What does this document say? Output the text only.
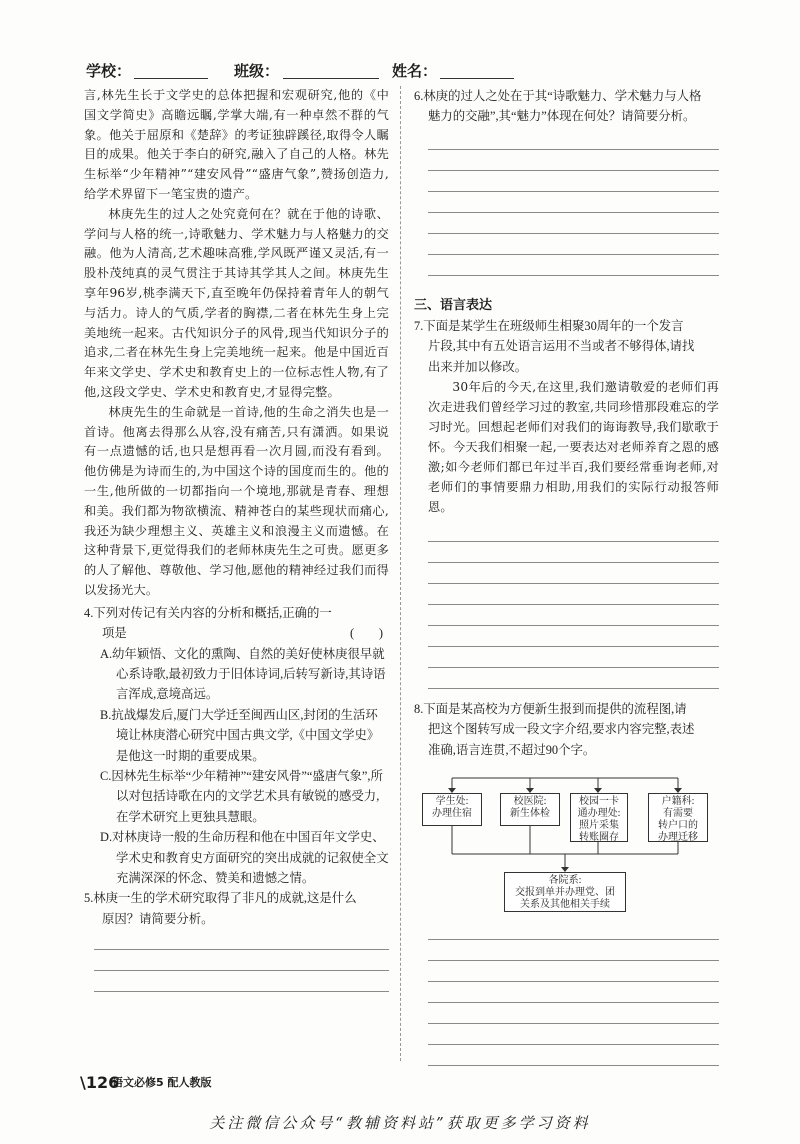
学校：	班级：	姓名：

言,林先生长于文学史的总体把握和宏观研究,他的《中国文学简史》高瞻远瞩,学掌大端,有一种卓然不群的气象。他关于屈原和《楚辞》的考证独辟蹊径,取得令人瞩目的成果。他关于李白的研究,融入了自己的人格。林先生标举“少年精神”“建安风骨”“盛唐气象”,赞扬创造力,给学术界留下一笔宝贵的遗产。

林庚先生的过人之处究竟何在？就在于他的诗歌、学问与人格的统一,诗歌魅力、学术魅力与人格魅力的交融。他为人清高,艺术趣味高雅,学风既严谨又灵活,有一股朴茂纯真的灵气贯注于其诗其学其人之间。林庚先生享年96岁,桃李满天下,直至晚年仍保持着青年人的朝气与活力。诗人的气质,学者的胸襟,二者在林先生身上完美地统一起来。古代知识分子的风骨,现当代知识分子的追求,二者在林先生身上完美地统一起来。他是中国近百年来文学史、学术史和教育史上的一位标志性人物,有了他,这段文学史、学术史和教育史,才显得完整。

林庚先生的生命就是一首诗,他的生命之消失也是一首诗。他离去得那么从容,没有痛苦,只有潇洒。如果说有一点遗憾的话,也只是想再看一次月圆,而没有看到。他仿佛是为诗而生的,为中国这个诗的国度而生的。他的一生,他所做的一切都指向一个境地,那就是青春、理想和美。我们都为物欲横流、精神苍白的某些现状而痛心,我还为缺少理想主义、英雄主义和浪漫主义而遗憾。在这种背景下,更觉得我们的老师林庚先生之可贵。愿更多的人了解他、尊敬他、学习他,愿他的精神经过我们而得以发扬光大。

4.下列对传记有关内容的分析和概括,正确的一

项是	(　　)

A.幼年颖悟、文化的熏陶、自然的美好使林庚很早就心系诗歌,最初致力于旧体诗词,后转写新诗,其诗语言浑成,意境高远。

B.抗战爆发后,厦门大学迁至闽西山区,封闭的生活环境让林庚潜心研究中国古典文学,《中国文学史》是他这一时期的重要成果。

C.因林先生标举“少年精神”“建安风骨”“盛唐气象”,所以对包括诗歌在内的文学艺术具有敏锐的感受力,在学术研究上更独具慧眼。

D.对林庚诗一般的生命历程和他在中国百年文学史、学术史和教育史方面研究的突出成就的记叙使全文充满深深的怀念、赞美和遗憾之情。

5.林庚一生的学术研究取得了非凡的成就,这是什么

原因？请简要分析。

6.林庚的过人之处在于其“诗歌魅力、学术魅力与人格

魅力的交融”,其“魅力”体现在何处？请简要分析。

三、语言表达

7.下面是某学生在班级师生相聚30周年的一个发言

片段,其中有五处语言运用不当或者不够得体,请找

出来并加以修改。

30年后的今天,在这里,我们邀请敬爱的老师们再次走进我们曾经学习过的教室,共同珍惜那段难忘的学习时光。回想起老师们对我们的诲诲教导,我们歇歌于怀。今天我们相聚一起,一要表达对老师养育之恩的感激;如今老师们都已年过半百,我们要经常垂询老师,对老师们的事情要鼎力相助,用我们的实际行动报答师恩。

8.下面是某高校为方便新生报到而提供的流程图,请

把这个图转写成一段文字介绍,要求内容完整,表述

准确,语言连贯,不超过90个字。

学生处:
办理住宿
校医院:
新生体检
校园一卡
通办理处:
照片采集
转账圈存
户籍科:
有需要
转户口的
办理迁移
各院系:
交报到单并办理党、团
关系及其他相关手续
\126
语文必修5 配人教版
关注微信公众号“教辅资料站”获取更多学习资料
